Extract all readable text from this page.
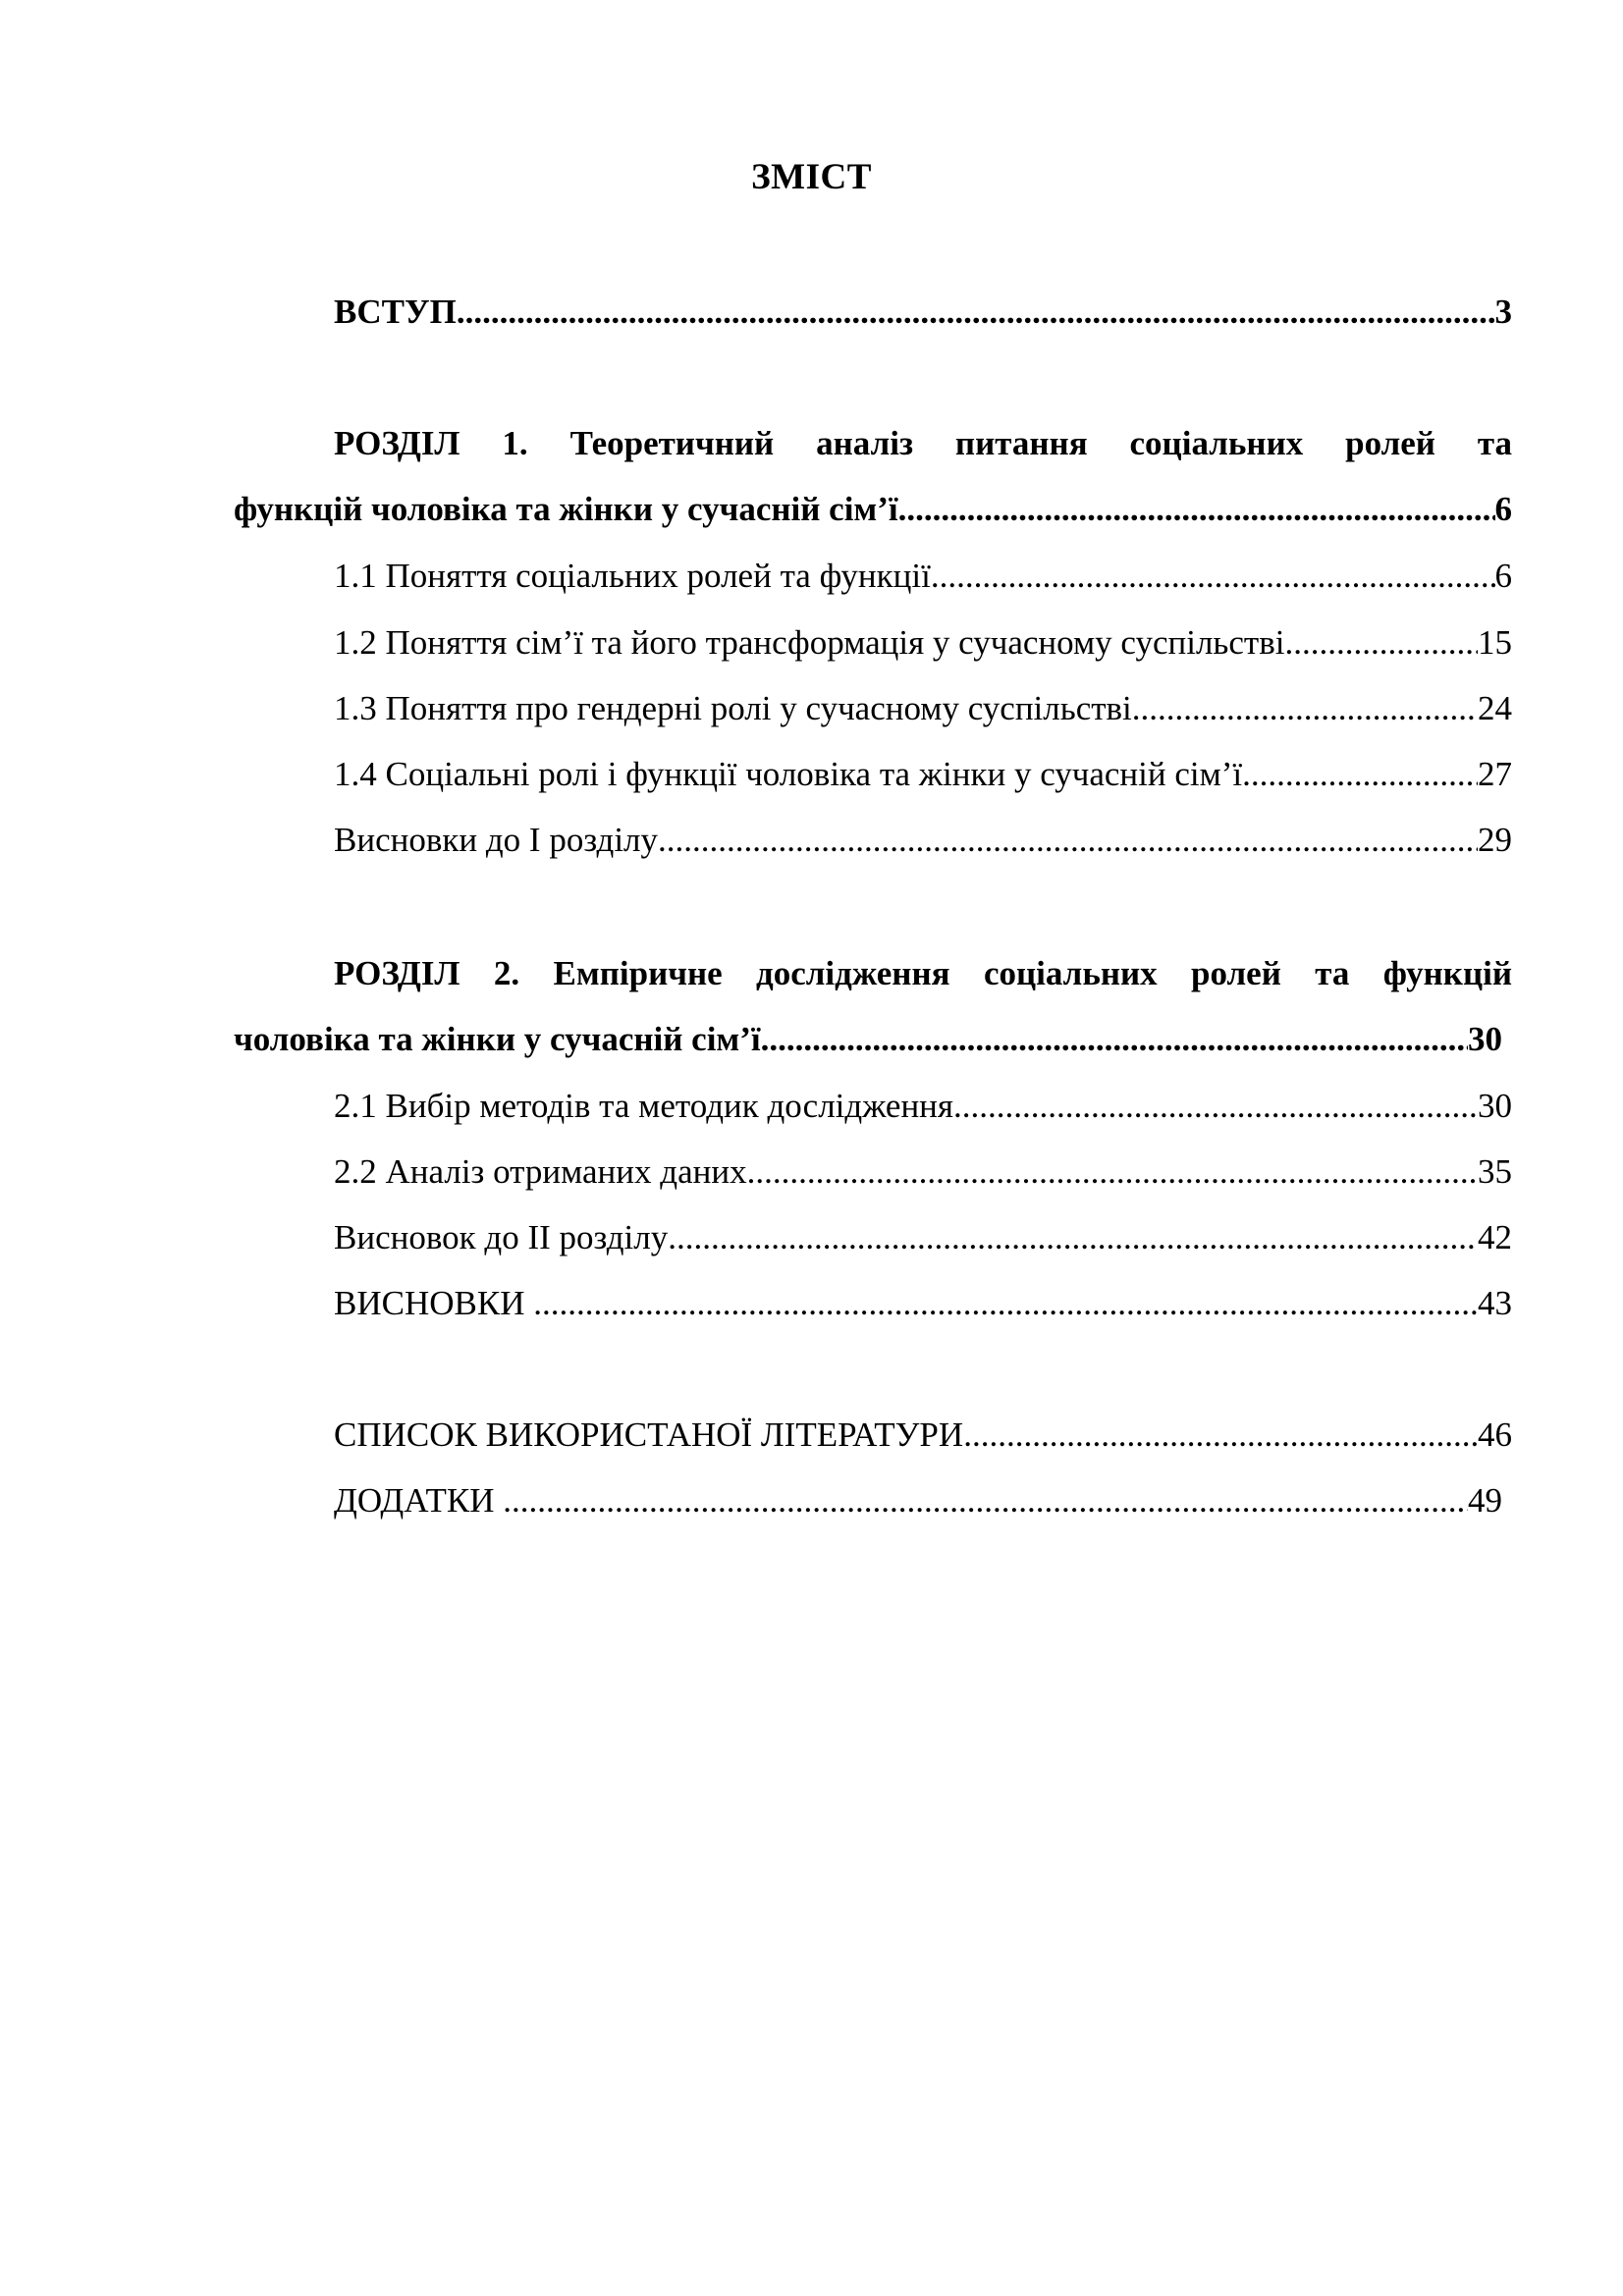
ЗМІСТ
ВСТУП .....	3
РОЗДІЛ 1. Теоретичний аналіз питання соціальних ролей та
функцій чоловіка та жінки у сучасній сім’ї .....	6
1.1 Поняття соціальних ролей та функції .....	6
1.2 Поняття сім’ї та його трансформація у сучасному суспільстві .....	15
1.3 Поняття про гендерні ролі у сучасному суспільстві .....	24
1.4 Соціальні ролі і функції чоловіка та жінки у сучасній сім’ї .....	27
Висновки до І розділу .....	29
РОЗДІЛ 2. Емпіричне дослідження соціальних ролей та функцій
чоловіка та жінки у сучасній сім’ї .....	30
2.1 Вибір методів та методик дослідження .....	30
2.2 Аналіз отриманих даних .....	35
Висновок до ІІ розділу .....	42
ВИСНОВКИ .....	43
СПИСОК ВИКОРИСТАНОЇ ЛІТЕРАТУРИ .....	46
ДОДАТКИ .....	49
